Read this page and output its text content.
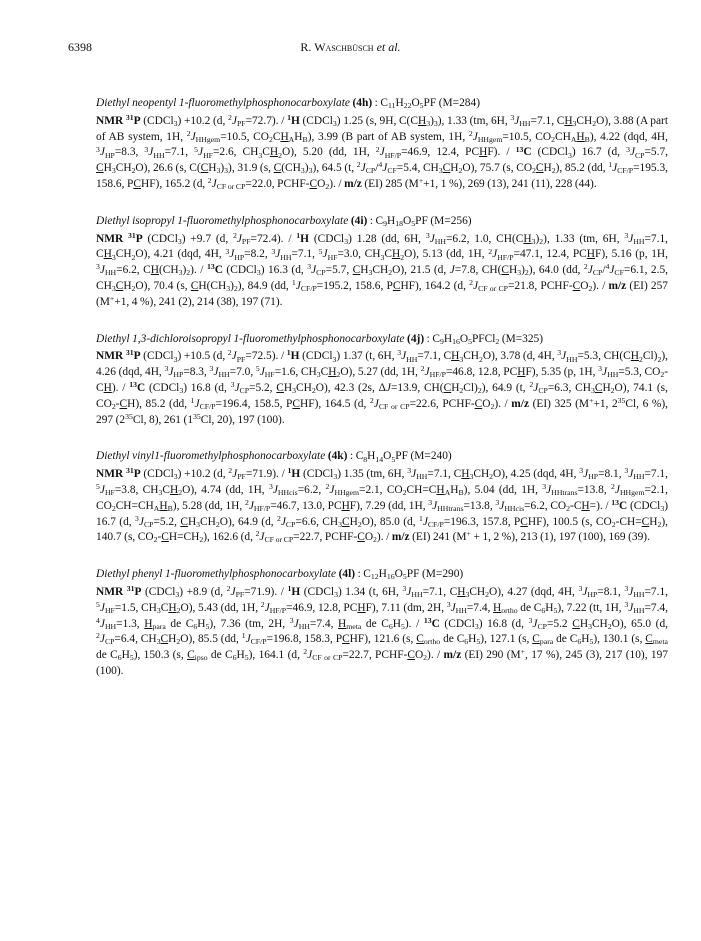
6398	R. Waschbüsch et al.

Diethyl neopentyl 1-fluoromethylphosphonocarboxylate (4h) : $C_{11}H_{22}O_5PF$ (M=284)

NMR $^{31}$P (CDCl$_3$) +10.2 (d, $^2J_{PF}=72.7$). / $^1$H (CDCl$_3$) 1.25 (s, 9H, $C(CH_3)_3$), 1.33 (tm, 6H, $^3J_{HH}=7.1$, $CH_3CH_2O$), 3.88 (A part of AB system, 1H, $^2J_{HHgem}=10.5$, $CO_2CH_AH_B$), 3.99 (B part of AB system, 1H, $^2J_{HHgem}=10.5$, $CO_2CH_AH_B$), 4.22 (dqd, 4H, $^3J_{HP}=8.3$, $^3J_{HH}=7.1$, $^5J_{HF}=2.6$, $CH_3CH_2O$), 5.20 (dd, 1H, $^2J_{HF/P}=46.9$, 12.4, PCHF). / $^{13}$C (CDCl$_3$) 16.7 (d, $^3J_{CP}=5.7$, $CH_3CH_2O$), 26.6 (s, $C(CH_3)_3$), 31.9 (s, $C(CH_3)_3$), 64.5 (t, $^2J_{CP}/^4J_{CF}=5.4$, $CH_3CH_2O$), 75.7 (s, $CO_2CH_2$), 85.2 (dd, $^1J_{CF/P}=195.3$, 158.6, PCHF), 165.2 (d, $^2J_{CF or CP}=22.0$, PCHF-$CO_2$). / m/z (EI) 285 (M++1, 1 %), 269 (13), 241 (11), 228 (44).

Diethyl isopropyl 1-fluoromethylphosphonocarboxylate (4i) : $C_9H_{18}O_5PF$ (M=256)

NMR $^{31}$P (CDCl$_3$) +9.7 (d, $^2J_{PF}=72.4$). / $^1$H (CDCl$_3$) 1.28 (dd, 6H, $^3J_{HH}=6.2$, 1.0, $CH(CH_3)_2$), 1.33 (tm, 6H, $^3J_{HH}=7.1$, $CH_3CH_2O$), 4.21 (dqd, 4H, $^3J_{HP}=8.2$, $^3J_{HH}=7.1$, $^5J_{HF}=3.0$, $CH_3CH_2O$), 5.13 (dd, 1H, $^2J_{HF/P}=47.1$, 12.4, PCHF), 5.16 (p, 1H, $^3J_{HH}=6.2$, $CH(CH_3)_2$). / $^{13}$C (CDCl$_3$) 16.3 (d, $^3J_{CP}=5.7$, $CH_3CH_2O$), 21.5 (d, J=7.8, $CH(CH_3)_2$), 64.0 (dd, $^2J_{CP}/^4J_{CF}=6.1$, 2.5, $CH_3CH_2O$), 70.4 (s, $CH(CH_3)_2$), 84.9 (dd, $^1J_{CF/P}=195.2$, 158.6, PCHF), 164.2 (d, $^2J_{CF or CP}=21.8$, PCHF-$CO_2$). / m/z (EI) 257 (M++1, 4 %), 241 (2), 214 (38), 197 (71).

Diethyl 1,3-dichloroisopropyl 1-fluoromethylphosphonocarboxylate (4j) : $C_9H_{16}O_5PFCl_2$ (M=325)

NMR $^{31}$P (CDCl$_3$) +10.5 (d, $^2J_{PF}=72.5$). / $^1$H (CDCl$_3$) 1.37 (t, 6H, $^3J_{HH}=7.1$, $CH_3CH_2O$), 3.78 (d, 4H, $^3J_{HH}=5.3$, $CH(CH_2Cl)_2$), 4.26 (dqd, 4H, $^3J_{HP}=8.3$, $^3J_{HH}=7.0$, $^5J_{HF}=1.6$, $CH_3CH_2O$), 5.27 (dd, 1H, $^2J_{HF/P}=46.8$, 12.8, PCHF), 5.35 (p, 1H, $^3J_{HH}=5.3$, $CO_2-CH$). / $^{13}$C (CDCl$_3$) 16.8 (d, $^3J_{CP}=5.2$, $CH_3CH_2O$), 42.3 (2s, ΔJ=13.9, $CH(CH_2Cl)_2$), 64.9 (t, $^2J_{CP}=6.3$, $CH_3CH_2O$), 74.1 (s, $CO_2-CH$), 85.2 (dd, $^1J_{CF/P}=196.4$, 158.5, PCHF), 164.5 (d, $^2J_{CF or CP}=22.6$, PCHF-$CO_2$). / m/z (EI) 325 (M++1, $2^{35}Cl$, 6 %), 297 ($2^{35}Cl$, 8), 261 ($1^{35}Cl$, 20), 197 (100).

Diethyl vinyl1-fluoromethylphosphonocarboxylate (4k) : $C_8H_{14}O_5PF$ (M=240)

NMR $^{31}$P (CDCl$_3$) +10.2 (d, $^2J_{PF}=71.9$). / $^1$H (CDCl$_3$) 1.35 (tm, 6H, $^3J_{HH}=7.1$, $CH_3CH_2O$), 4.25 (dqd, 4H, $^3J_{HP}=8.1$, $^3J_{HH}=7.1$, $^5J_{HF}=3.8$, $CH_3CH_2O$), 4.74 (dd, 1H, $^3J_{HHcis}=6.2$, $^2J_{HHgem}=2.1$, $CO_2CH=CH_AH_B$), 5.04 (dd, 1H, $^3J_{HHtrans}=13.8$, $^2J_{HHgem}=2.1$, $CO_2CH=CH_AH_B$), 5.28 (dd, 1H, $^2J_{HF/P}=46.7$, 13.0, PCHF), 7.29 (dd, 1H, $^3J_{HHtrans}=13.8$, $^3J_{HHcis}=6.2$, $CO_2-CH=$). / $^{13}$C (CDCl$_3$) 16.7 (d, $^3J_{CP}=5.2$, $CH_3CH_2O$), 64.9 (d, $^2J_{CP}=6.6$, $CH_3CH_2O$), 85.0 (d, $^1J_{CF/P}=196.3$, 157.8, PCHF), 100.5 (s, $CO_2-CH=CH_2$), 140.7 (s, $CO_2-CH=CH_2$), 162.6 (d, $^2J_{CF or CP}=22.7$, PCHF-$CO_2$). / m/z (EI) 241 (M+ + 1, 2 %), 213 (1), 197 (100), 169 (39).

Diethyl phenyl 1-fluoromethylphosphonocarboxylate (4l) : $C_{12}H_{16}O_5PF$ (M=290)

NMR $^{31}$P (CDCl$_3$) +8.9 (d, $^2J_{PF}=71.9$). / $^1$H (CDCl$_3$) 1.34 (t, 6H, $^3J_{HH}=7.1$, $CH_3CH_2O$), 4.27 (dqd, 4H, $^3J_{HP}=8.1$, $^3J_{HH}=7.1$, $^5J_{HF}=1.5$, $CH_3CH_2O$), 5.43 (dd, 1H, $^2J_{HF/P}=46.9$, 12.8, PCHF), 7.11 (dm, 2H, $^3J_{HH}=7.4$, $H_{ortho}$ de $C_6H_5$), 7.22 (tt, 1H, $^3J_{HH}=7.4$, $^4J_{HH}=1.3$, $H_{para}$ de $C_6H_5$), 7.36 (tm, 2H, $^3J_{HH}=7.4$, $H_{meta}$ de $C_6H_5$). / $^{13}$C (CDCl$_3$) 16.8 (d, $^3J_{CP}=5.2$ $CH_3CH_2O$), 65.0 (d, $^2J_{CP}=6.4$, $CH_3CH_2O$), 85.5 (dd, $^1J_{CF/P}=196.8$, 158.3, PCHF), 121.6 (s, $C_{ortho}$ de $C_6H_5$), 127.1 (s, $C_{para}$ de $C_6H_5$), 130.1 (s, $C_{meta}$ de $C_6H_5$), 150.3 (s, $C_{ipso}$ de $C_6H_5$), 164.1 (d, $^2J_{CF or CP}=22.7$, PCHF-$CO_2$). / m/z (EI) 290 (M+, 17 %), 245 (3), 217 (10), 197 (100).
